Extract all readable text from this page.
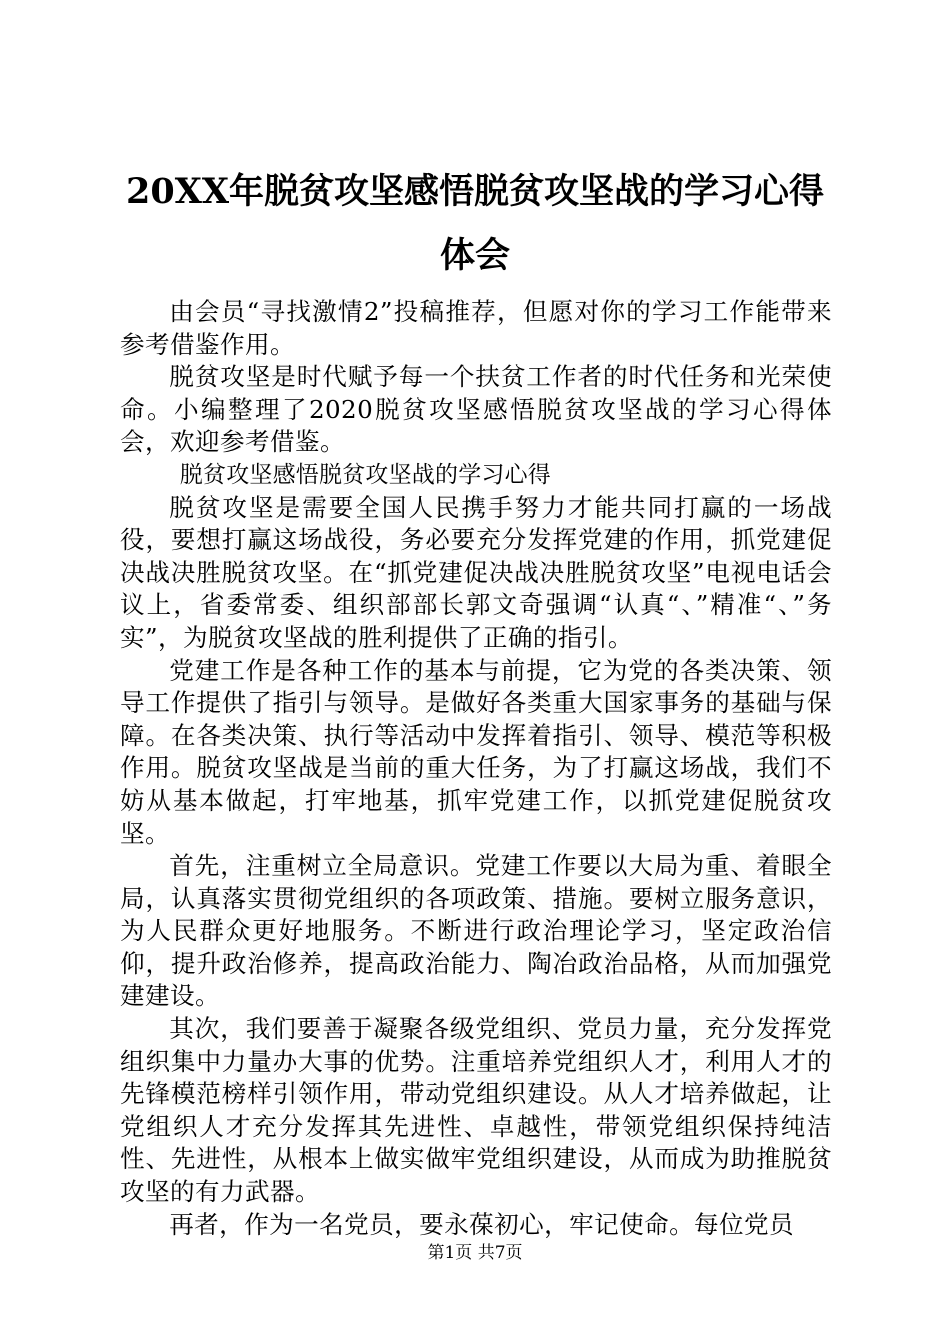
20XX年脱贫攻坚感悟脱贫攻坚战的学习心得体会

由会员“寻找激情2”投稿推荐，但愿对你的学习工作能带来参考借鉴作用。

脱贫攻坚是时代赋予每一个扶贫工作者的时代任务和光荣使命。小编整理了2020脱贫攻坚感悟脱贫攻坚战的学习心得体会，欢迎参考借鉴。

脱贫攻坚感悟脱贫攻坚战的学习心得

脱贫攻坚是需要全国人民携手努力才能共同打赢的一场战役，要想打赢这场战役，务必要充分发挥党建的作用，抓党建促决战决胜脱贫攻坚。在“抓党建促决战决胜脱贫攻坚”电视电话会议上，省委常委、组织部部长郭文奇强调“认真“、”精准“、”务实”，为脱贫攻坚战的胜利提供了正确的指引。

党建工作是各种工作的基本与前提，它为党的各类决策、领导工作提供了指引与领导。是做好各类重大国家事务的基础与保障。在各类决策、执行等活动中发挥着指引、领导、模范等积极作用。脱贫攻坚战是当前的重大任务，为了打赢这场战，我们不妨从基本做起，打牢地基，抓牢党建工作，以抓党建促脱贫攻坚。

首先，注重树立全局意识。党建工作要以大局为重、着眼全局，认真落实贯彻党组织的各项政策、措施。要树立服务意识，为人民群众更好地服务。不断进行政治理论学习，坚定政治信仰，提升政治修养，提高政治能力、陶冶政治品格，从而加强党建建设。

其次，我们要善于凝聚各级党组织、党员力量，充分发挥党组织集中力量办大事的优势。注重培养党组织人才，利用人才的先锋模范榜样引领作用，带动党组织建设。从人才培养做起，让党组织人才充分发挥其先进性、卓越性，带领党组织保持纯洁性、先进性，从根本上做实做牢党组织建设，从而成为助推脱贫攻坚的有力武器。

再者，作为一名党员，要永葆初心，牢记使命。每位党员

第1页 共7页
